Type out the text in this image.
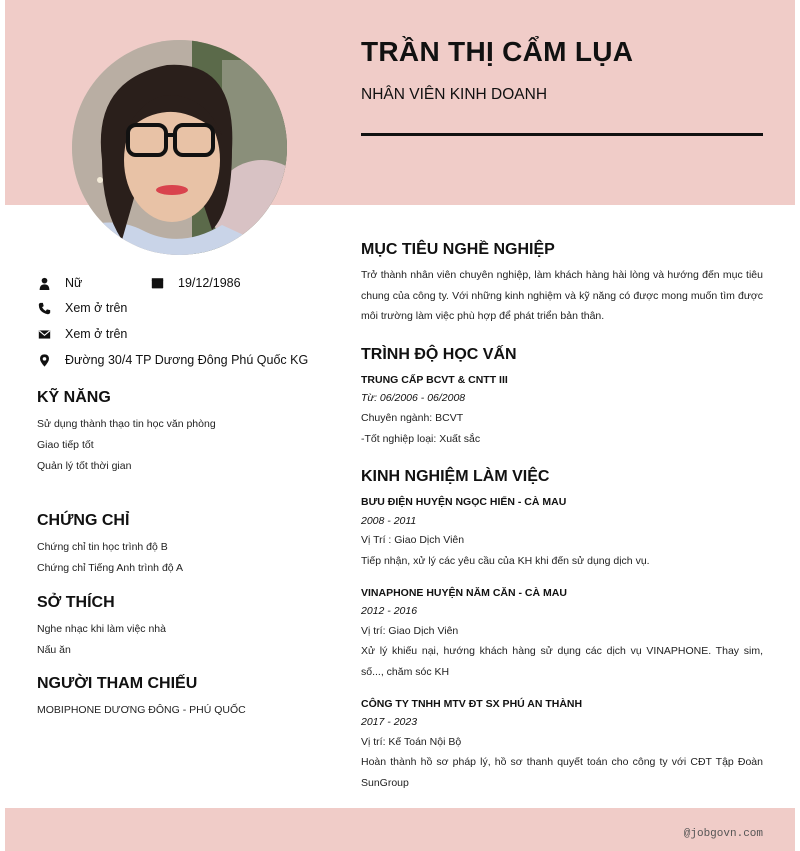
TRẦN THỊ CẨM LỤA
NHÂN VIÊN KINH DOANH
Nữ	19/12/1986
Xem ở trên
Xem ở trên
Đường 30/4 TP Dương Đông Phú Quốc KG
KỸ NĂNG
Sử dụng thành thạo tin học văn phòng
Giao tiếp tốt
Quản lý tốt thời gian
CHỨNG CHỈ
Chứng chỉ tin học trình độ B
Chứng chỉ Tiếng Anh trình độ A
SỞ THÍCH
Nghe nhạc khi làm việc nhà
Nấu ăn
NGƯỜI THAM CHIẾU
MOBIPHONE DƯƠNG ĐÔNG - PHÚ QUỐC
MỤC TIÊU NGHỀ NGHIỆP
Trở thành nhân viên chuyên nghiệp, làm khách hàng hài lòng và hướng đến mục tiêu chung của công ty. Với những kinh nghiệm và kỹ năng có được mong muốn tìm được môi trường làm việc phù hợp để phát triển bản thân.
TRÌNH ĐỘ HỌC VẤN
TRUNG CẤP BCVT & CNTT III
Từ: 06/2006 - 06/2008
Chuyên ngành: BCVT
-Tốt nghiệp loại: Xuất sắc
KINH NGHIỆM LÀM VIỆC
BƯU ĐIỆN HUYỆN NGỌC HIỂN - CÀ MAU
2008 - 2011
Vị Trí : Giao Dịch Viên
Tiếp nhận, xử lý các yêu cầu của KH khi đến sử dụng dịch vụ.
VINAPHONE HUYỆN NĂM CĂN - CÀ MAU
2012 - 2016
Vị trí: Giao Dịch Viên
Xử lý khiếu nại, hướng khách hàng sử dụng các dịch vụ VINAPHONE. Thay sim, số..., chăm sóc KH
CÔNG TY TNHH MTV ĐT SX PHÚ AN THÀNH
2017 - 2023
Vị trí: Kế Toán Nội Bộ
Hoàn thành hồ sơ pháp lý, hồ sơ thanh quyết toán cho công ty với CĐT Tập Đoàn SunGroup
@jobgovn.com
